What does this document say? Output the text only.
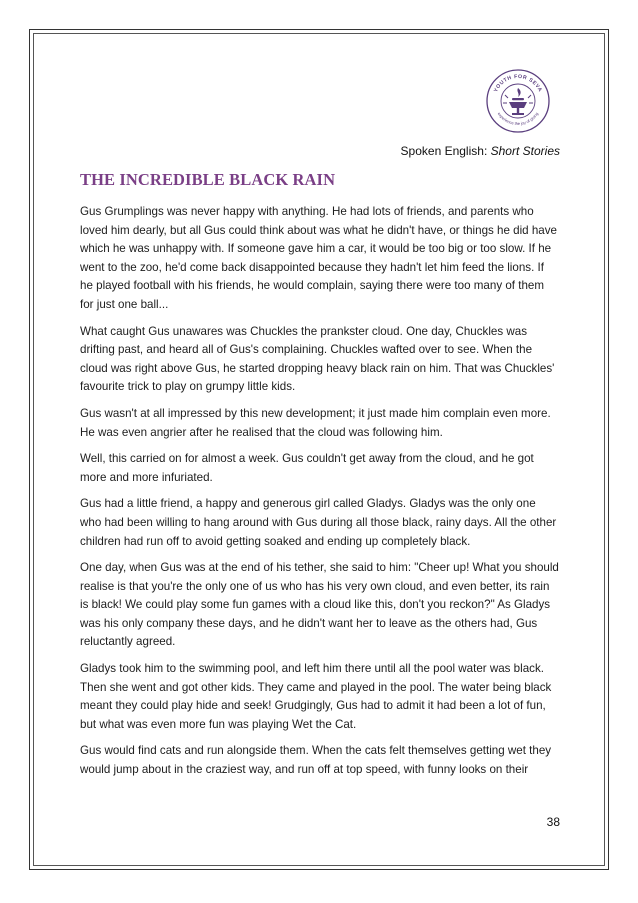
YOUTH FOR SEVA
experience the joy of giving
Spoken English: Short Stories
THE INCREDIBLE BLACK RAIN

Gus Grumplings was never happy with anything. He had lots of friends, and parents who loved him dearly, but all Gus could think about was what he didn't have, or things he did have which he was unhappy with. If someone gave him a car, it would be too big or too slow. If he went to the zoo, he'd come back disappointed because they hadn't let him feed the lions. If he played football with his friends, he would complain, saying there were too many of them for just one ball...

What caught Gus unawares was Chuckles the prankster cloud. One day, Chuckles was drifting past, and heard all of Gus's complaining. Chuckles wafted over to see. When the cloud was right above Gus, he started dropping heavy black rain on him. That was Chuckles' favourite trick to play on grumpy little kids.

Gus wasn't at all impressed by this new development; it just made him complain even more. He was even angrier after he realised that the cloud was following him.

Well, this carried on for almost a week. Gus couldn't get away from the cloud, and he got more and more infuriated.

Gus had a little friend, a happy and generous girl called Gladys. Gladys was the only one who had been willing to hang around with Gus during all those black, rainy days. All the other children had run off to avoid getting soaked and ending up completely black.

One day, when Gus was at the end of his tether, she said to him: "Cheer up! What you should realise is that you're the only one of us who has his very own cloud, and even better, its rain is black! We could play some fun games with a cloud like this, don't you reckon?" As Gladys was his only company these days, and he didn't want her to leave as the others had, Gus reluctantly agreed.

Gladys took him to the swimming pool, and left him there until all the pool water was black. Then she went and got other kids. They came and played in the pool. The water being black meant they could play hide and seek! Grudgingly, Gus had to admit it had been a lot of fun, but what was even more fun was playing Wet the Cat.

Gus would find cats and run alongside them. When the cats felt themselves getting wet they would jump about in the craziest way, and run off at top speed, with funny looks on their

38
